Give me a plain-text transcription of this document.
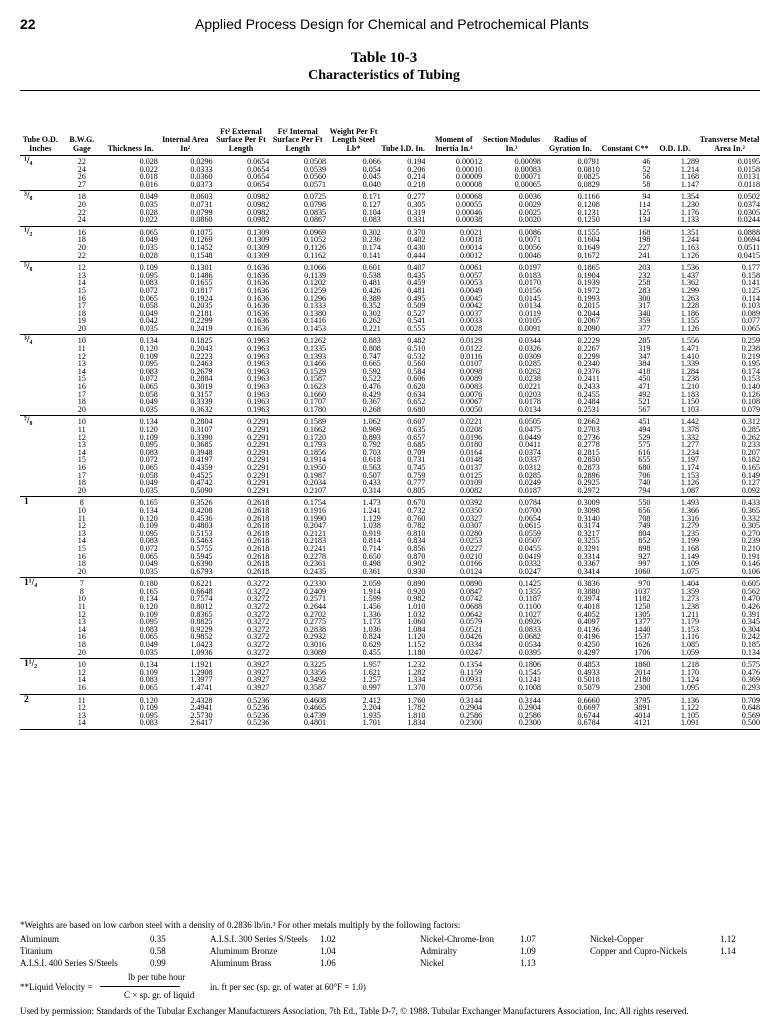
22	Applied Process Design for Chemical and Petrochemical Plants
Table 10-3
Characteristics of Tubing
Tube O.D. Inches	B.W.G. Gage	Thickness In.	Internal Area In²	Ft² External Surface Per Ft Length	Ft² Internal Surface Per Ft Length	Weight Per Ft Length Steel Lb*	Tube I.D. In.	Moment of Inertia In.⁴	Section Modulus In.³	Radius of Gyration In.	Constant C**	O.D. I.D.	Transverse Metal Area In.²
¹/₄	22	0.028	0.0296	0.0654	0.0508	0.066	0.194	0.00012	0.00098	0.0791	46	1.289	0.0195
	24	0.022	0.0333	0.0654	0.0539	0.054	0.206	0.00010	0.00083	0.0810	52	1.214	0.0158
	26	0.018	0.0360	0.0654	0.0560	0.045	0.214	0.00009	0.00071	0.0825	56	1.168	0.0131
	27	0.016	0.0373	0.0654	0.0571	0.040	0.218	0.00008	0.00065	0.0829	58	1.147	0.0118
³/₈	18	0.049	0.0603	0.0982	0.0725	0.171	0.277	0.00068	0.0036	0.1166	94	1.354	0.0502
	20	0.035	0.0731	0.0982	0.0798	0.127	0.305	0.00055	0.0029	0.1208	114	1.230	0.0374
	22	0.028	0.0799	0.0982	0.0835	0.104	0.319	0.00046	0.0025	0.1231	125	1.176	0.0305
	24	0.022	0.0860	0.0982	0.0867	0.083	0.331	0.00038	0.0020	0.1250	134	1.133	0.0244
¹/₂	16	0.065	0.1075	0.1309	0.0969	0.302	0.370	0.0021	0.0086	0.1555	168	1.351	0.0888
	18	0.049	0.1269	0.1309	0.1052	0.236	0.402	0.0018	0.0071	0.1604	198	1.244	0.0694
	20	0.035	0.1452	0.1309	0.1126	0.174	0.430	0.0014	0.0056	0.1649	227	1.163	0.0511
	22	0.028	0.1548	0.1309	0.1162	0.141	0.444	0.0012	0.0046	0.1672	241	1.126	0.0415
⁵/₈	12	0.109	0.1301	0.1636	0.1066	0.601	0.407	0.0061	0.0197	0.1865	203	1.536	0.177
	13	0.095	0.1486	0.1636	0.1139	0.538	0.435	0.0057	0.0183	0.1904	232	1.437	0.158
	14	0.083	0.1655	0.1636	0.1202	0.481	0.459	0.0053	0.0170	0.1939	258	1.362	0.141
	15	0.072	0.1817	0.1636	0.1259	0.426	0.481	0.0049	0.0156	0.1972	283	1.299	0.125
	16	0.065	0.1924	0.1636	0.1296	0.389	0.495	0.0045	0.0145	0.1993	300	1.263	0.114
	17	0.058	0.2035	0.1636	0.1333	0.352	0.509	0.0042	0.0134	0.2015	317	1.228	0.103
	18	0.049	0.2181	0.1636	0.1380	0.302	0.527	0.0037	0.0119	0.2044	340	1.186	0.089
	19	0.042	0.2299	0.1636	0.1416	0.262	0.541	0.0033	0.0105	0.2067	359	1.155	0.077
	20	0.035	0.2419	0.1636	0.1453	0.221	0.555	0.0028	0.0091	0.2090	377	1.126	0.065
³/₄	10	0.134	0.1825	0.1963	0.1262	0.883	0.482	0.0129	0.0344	0.2229	285	1.556	0.259
	11	0.120	0.2043	0.1963	0.1335	0.808	0.510	0.0122	0.0326	0.2267	319	1.471	0.238
	12	0.109	0.2223	0.1963	0.1393	0.747	0.532	0.0116	0.0309	0.2299	347	1.410	0.219
	13	0.095	0.2463	0.1963	0.1466	0.665	0.560	0.0107	0.0285	0.2340	384	1.339	0.195
	14	0.083	0.2679	0.1963	0.1529	0.592	0.584	0.0098	0.0262	0.2376	418	1.284	0.174
	15	0.072	0.2884	0.1963	0.1587	0.522	0.606	0.0089	0.0238	0.2411	450	1.238	0.153
	16	0.065	0.3019	0.1963	0.1623	0.476	0.620	0.0083	0.0221	0.2433	471	1.210	0.140
	17	0.058	0.3157	0.1963	0.1660	0.429	0.634	0.0076	0.0203	0.2455	492	1.183	0.126
	18	0.049	0.3339	0.1963	0.1707	0.367	0.652	0.0067	0.0178	0.2484	521	1.150	0.108
	20	0.035	0.3632	0.1963	0.1780	0.268	0.680	0.0050	0.0134	0.2531	567	1.103	0.079
⁷/₈	10	0.134	0.2804	0.2291	0.1589	1.062	0.607	0.0221	0.0505	0.2662	451	1.442	0.312
	11	0.120	0.3107	0.2291	0.1662	0.969	0.635	0.0208	0.0475	0.2703	494	1.378	0.285
	12	0.109	0.3390	0.2291	0.1720	0.893	0.657	0.0196	0.0449	0.2736	529	1.332	0.262
	13	0.095	0.3685	0.2291	0.1793	0.792	0.685	0.0180	0.0411	0.2778	575	1.277	0.233
	14	0.083	0.3948	0.2291	0.1856	0.703	0.709	0.0164	0.0374	0.2815	616	1.234	0.207
	15	0.072	0.4197	0.2291	0.1914	0.618	0.731	0.0148	0.0337	0.2850	655	1.197	0.182
	16	0.065	0.4359	0.2291	0.1950	0.563	0.745	0.0137	0.0312	0.2873	680	1.174	0.165
	17	0.058	0.4525	0.2291	0.1987	0.507	0.759	0.0125	0.0285	0.2896	706	1.153	0.149
	18	0.049	0.4742	0.2291	0.2034	0.433	0.777	0.0109	0.0249	0.2925	740	1.126	0.127
	20	0.035	0.5090	0.2291	0.2107	0.314	0.805	0.0082	0.0187	0.2972	794	1.087	0.092
1	8	0.165	0.3526	0.2618	0.1754	1.473	0.670	0.0392	0.0784	0.3009	550	1.493	0.433
	10	0.134	0.4208	0.2618	0.1916	1.241	0.732	0.0350	0.0700	0.3098	656	1.366	0.365
	11	0.120	0.4536	0.2618	0.1990	1.129	0.760	0.0327	0.0654	0.3140	708	1.316	0.332
	12	0.109	0.4803	0.2618	0.2047	1.038	0.782	0.0307	0.0615	0.3174	749	1.279	0.305
	13	0.095	0.5153	0.2618	0.2121	0.919	0.810	0.0280	0.0559	0.3217	804	1.235	0.270
	14	0.083	0.5463	0.2618	0.2183	0.814	0.834	0.0253	0.0507	0.3255	852	1.199	0.239
	15	0.072	0.5755	0.2618	0.2241	0.714	0.856	0.0227	0.0455	0.3291	898	1.168	0.210
	16	0.065	0.5945	0.2618	0.2278	0.650	0.870	0.0210	0.0419	0.3314	927	1.149	0.191
	18	0.049	0.6390	0.2618	0.2361	0.498	0.902	0.0166	0.0332	0.3367	997	1.109	0.146
	20	0.035	0.6793	0.2618	0.2435	0.361	0.930	0.0124	0.0247	0.3414	1060	1.075	0.106
1¹/₄	7	0.180	0.6221	0.3272	0.2330	2.059	0.890	0.0890	0.1425	0.3836	970	1.404	0.605
	8	0.165	0.6648	0.3272	0.2409	1.914	0.920	0.0847	0.1355	0.3880	1037	1.359	0.562
	10	0.134	0.7574	0.3272	0.2571	1.599	0.982	0.0742	0.1187	0.3974	1182	1.273	0.470
	11	0.120	0.8012	0.3272	0.2644	1.456	1.010	0.0688	0.1100	0.4018	1250	1.238	0.426
	12	0.109	0.8365	0.3272	0.2702	1.336	1.032	0.0642	0.1027	0.4052	1305	1.211	0.391
	13	0.095	0.8825	0.3272	0.2775	1.173	1.060	0.0579	0.0926	0.4097	1377	1.179	0.345
	14	0.083	0.9229	0.3272	0.2838	1.036	1.084	0.0521	0.0833	0.4136	1440	1.153	0.304
	16	0.065	0.9852	0.3272	0.2932	0.824	1.120	0.0426	0.0682	0.4196	1537	1.116	0.242
	18	0.049	1.0423	0.3272	0.3016	0.629	1.152	0.0334	0.0534	0.4250	1626	1.085	0.185
	20	0.035	1.0936	0.3272	0.3089	0.455	1.180	0.0247	0.0395	0.4297	1706	1.059	0.134
1¹/₂	10	0.134	1.1921	0.3927	0.3225	1.957	1.232	0.1354	0.1806	0.4853	1860	1.218	0.575
	12	0.109	1.2908	0.3927	0.3356	1.621	1.282	0.1159	0.1545	0.4933	2014	1.170	0.476
	14	0.083	1.3977	0.3927	0.3492	1.257	1.334	0.0931	0.1241	0.5018	2180	1.124	0.369
	16	0.065	1.4741	0.3927	0.3587	0.997	1.370	0.0756	0.1008	0.5079	2300	1.095	0.293
2	11	0.120	2.4328	0.5236	0.4608	2.412	1.760	0.3144	0.3144	0.6660	3795	1.136	0.709
	12	0.109	2.4941	0.5236	0.4665	2.204	1.782	0.2904	0.2904	0.6697	3891	1.122	0.648
	13	0.095	2.5730	0.5236	0.4739	1.935	1.810	0.2586	0.2586	0.6744	4014	1.105	0.569
	14	0.083	2.6417	0.5236	0.4801	1.701	1.834	0.2300	0.2300	0.6784	4121	1.091	0.500
*Weights are based on low carbon steel with a density of 0.2836 lb/in.³ For other metals multiply by the following factors:
Aluminum	0.35	A.I.S.I. 300 Series S/Steels 1.02	Nickel-Chrome-Iron	1.07	Nickel-Copper	1.12
Titanium	0.58	Aluminum Bronze	1.04	Admiralty	1.09	Copper and Cupro-Nickels	1.14
A.I.S.I. 400 Series S/Steels	0.99	Aluminum Brass	1.06	Nickel	1.13
**Liquid Velocity =
lb per tube hour
C × sp. gr. of liquid
in. ft per sec (sp. gr. of water at 60°F = 1.0)
Used by permission: Standards of the Tubular Exchanger Manufacturers Association, 7th Ed., Table D-7, © 1988. Tubular Exchanger Manufacturers Association, Inc. All rights reserved.
